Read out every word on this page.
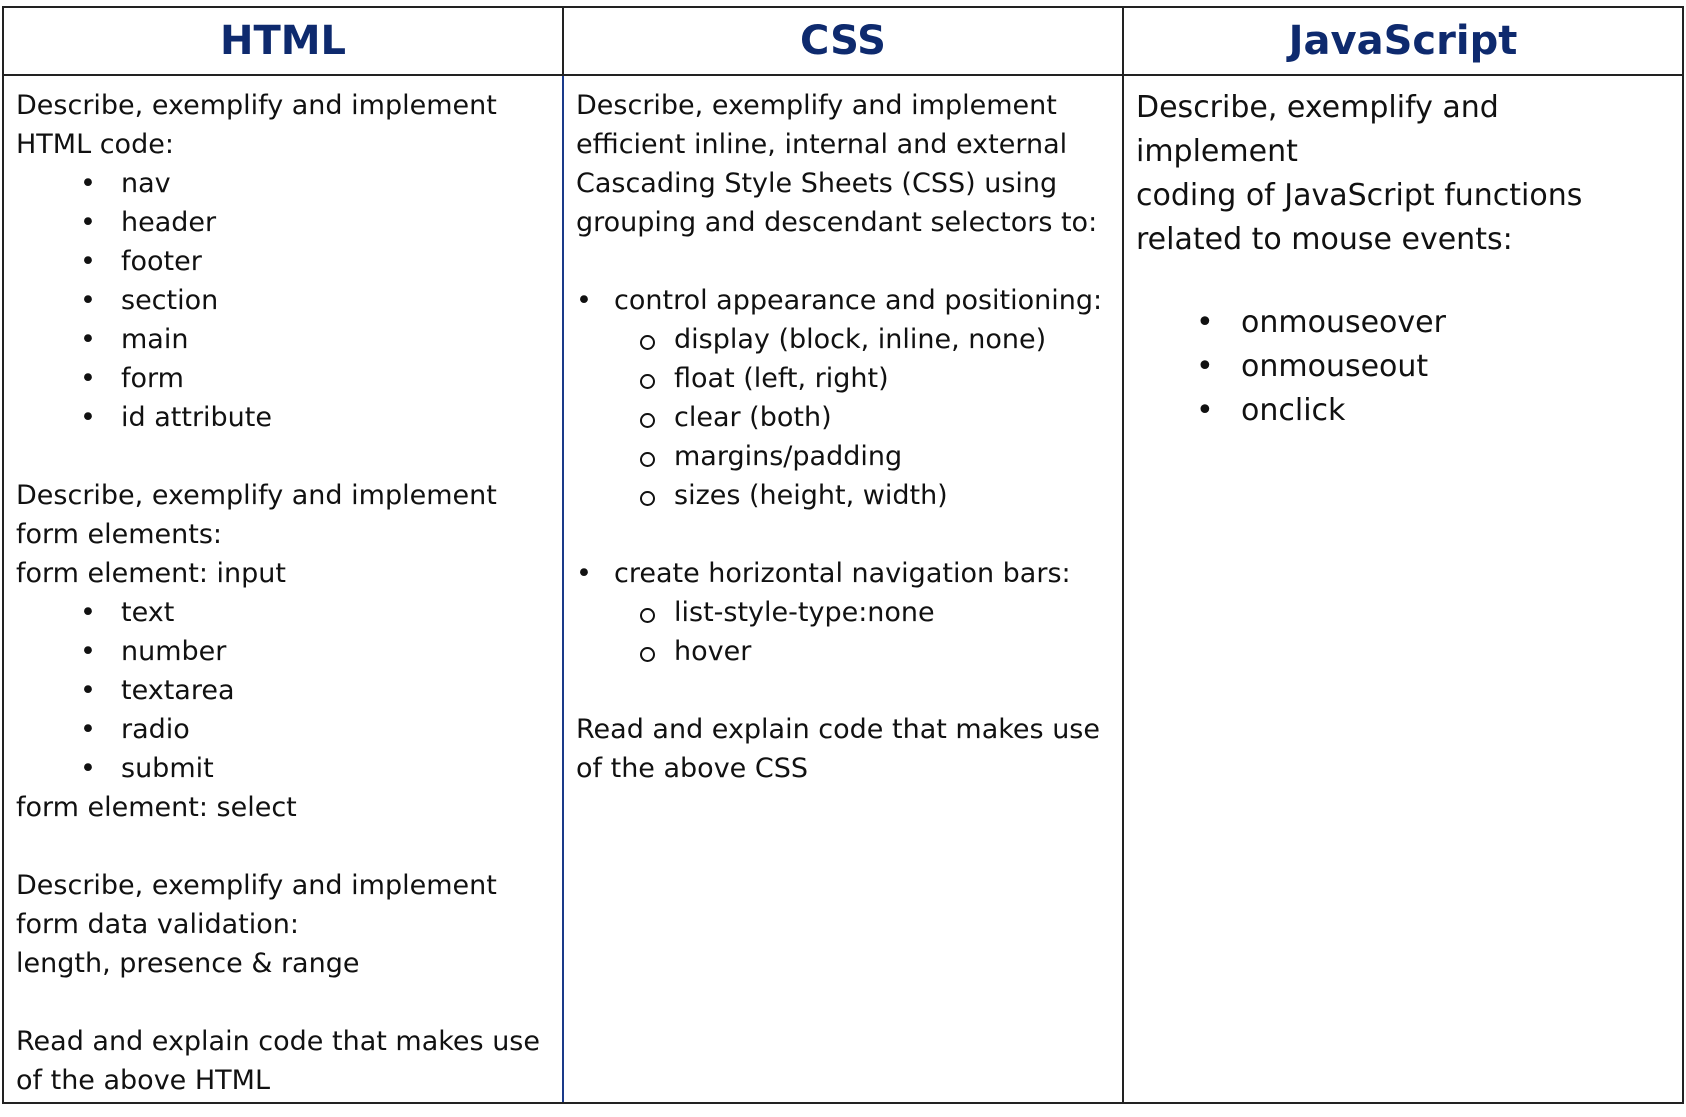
HTML	CSS	JavaScript

Describe, exemplify and implement

HTML code:

• nav
• header
• footer
• section
• main
• form
• id attribute

Describe, exemplify and implement

form elements:

form element: input

• text
• number
• textarea
• radio
• submit

form element: select

Describe, exemplify and implement

form data validation:

length, presence & range

Read and explain code that makes use

of the above HTML

Describe, exemplify and implement

efficient inline, internal and external

Cascading Style Sheets (CSS) using

grouping and descendant selectors to:

• control appearance and positioning:
display (block, inline, none)
float (left, right)
clear (both)
margins/padding
sizes (height, width)
• create horizontal navigation bars:
list-style-type:none
hover

Read and explain code that makes use

of the above CSS

Describe, exemplify and implement

coding of JavaScript functions

related to mouse events:

• onmouseover
• onmouseout
• onclick
